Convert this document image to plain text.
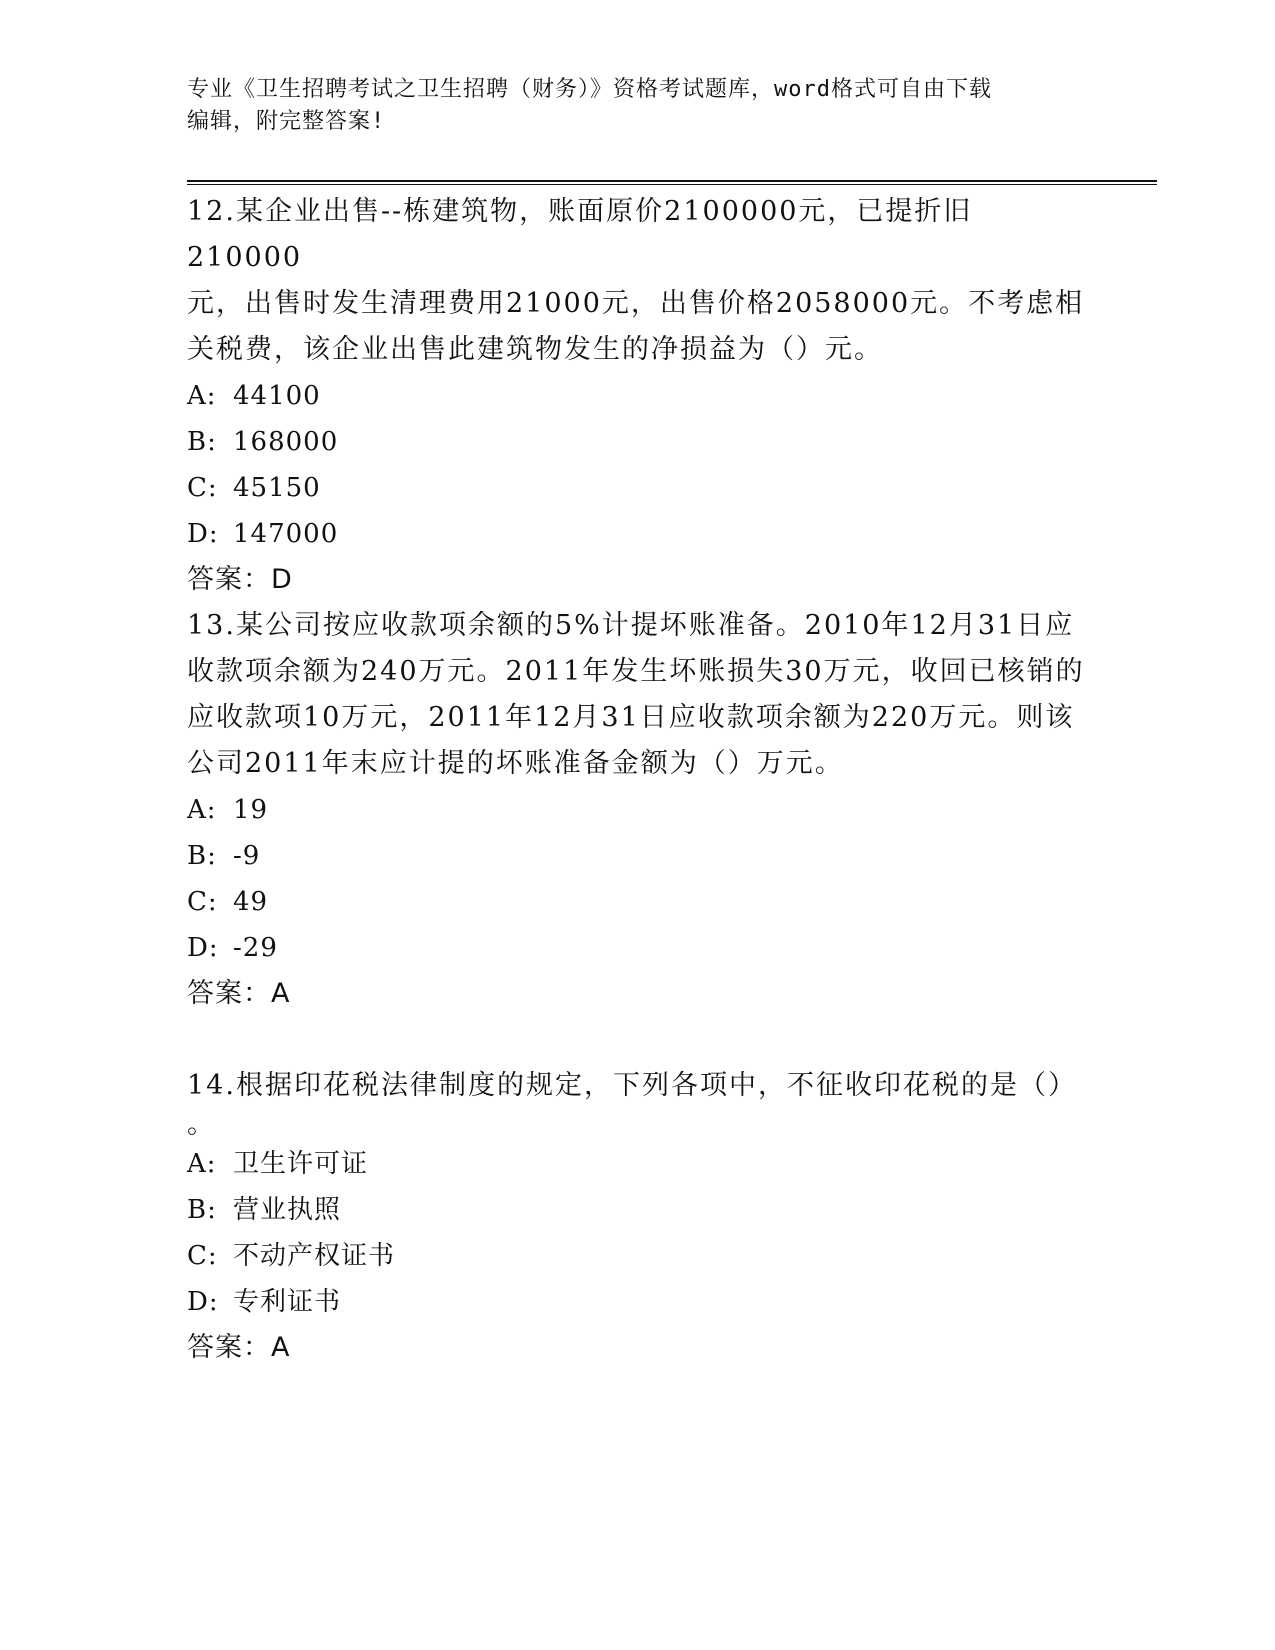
专业《卫生招聘考试之卫生招聘（财务）》资格考试题库，word格式可自由下载
编辑，附完整答案!
12.某企业出售--栋建筑物，账面原价2100000元，已提折旧210000
元，出售时发生清理费用21000元，出售价格2058000元。不考虑相
关税费，该企业出售此建筑物发生的净损益为（）元。
A: 44100
B: 168000
C: 45150
D: 147000
答案：D
13.某公司按应收款项余额的5%计提坏账准备。2010年12月31日应
收款项余额为240万元。2011年发生坏账损失30万元，收回已核销的
应收款项10万元，2011年12月31日应收款项余额为220万元。则该
公司2011年末应计提的坏账准备金额为（）万元。
A: 19
B: -9
C: 49
D: -29
答案：A
14.根据印花税法律制度的规定，下列各项中，不征收印花税的是（）
。
A: 卫生许可证
B: 营业执照
C: 不动产权证书
D: 专利证书
答案：A
